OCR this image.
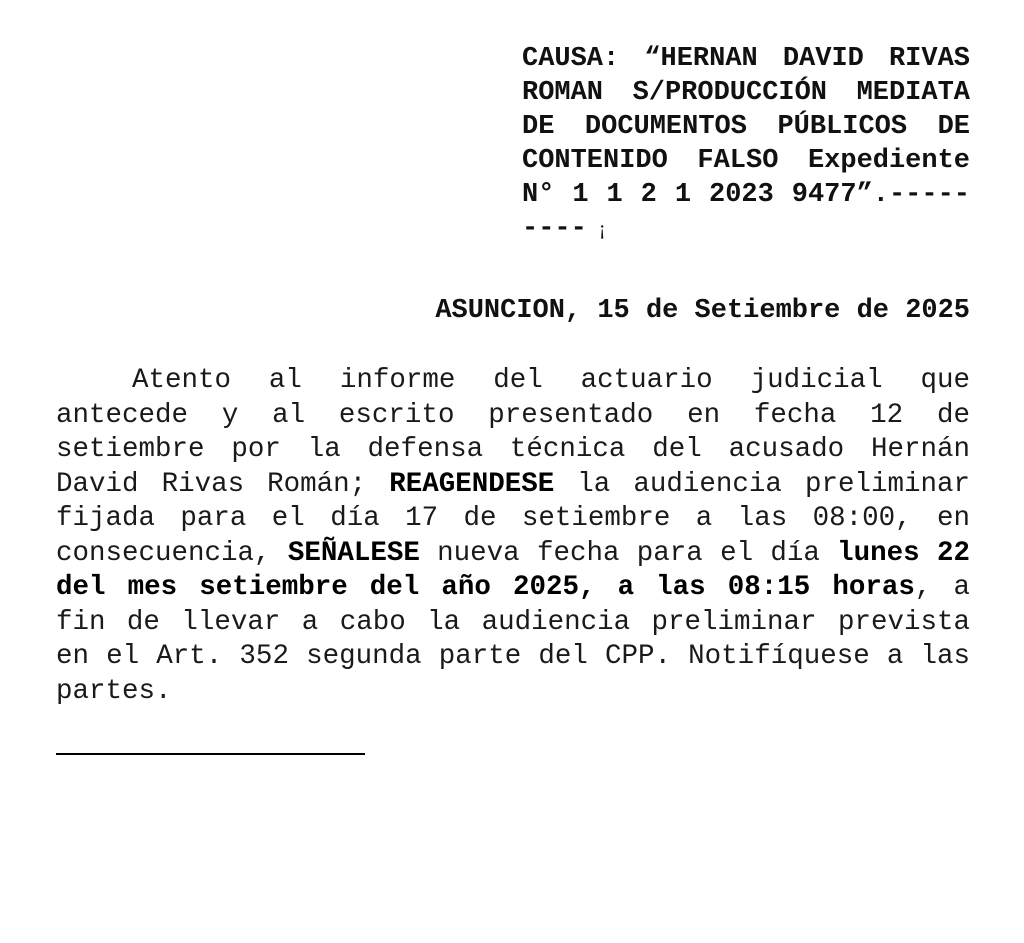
CAUSA: “HERNAN DAVID RIVAS ROMAN S/PRODUCCIÓN MEDIATA DE DOCUMENTOS PÚBLICOS DE CONTENIDO FALSO Expediente N° 1 1 2 1 2023 9477”.--------- ¡
ASUNCION, 15 de Setiembre de 2025
Atento al informe del actuario judicial que antecede y al escrito presentado en fecha 12 de setiembre por la defensa técnica del acusado Hernán David Rivas Román; REAGENDESE la audiencia preliminar fijada para el día 17 de setiembre a las 08:00, en consecuencia, SEÑALESE nueva fecha para el día lunes 22 del mes setiembre del año 2025, a las 08:15 horas, a fin de llevar a cabo la audiencia preliminar prevista en el Art. 352 segunda parte del CPP. Notifíquese a las partes.
